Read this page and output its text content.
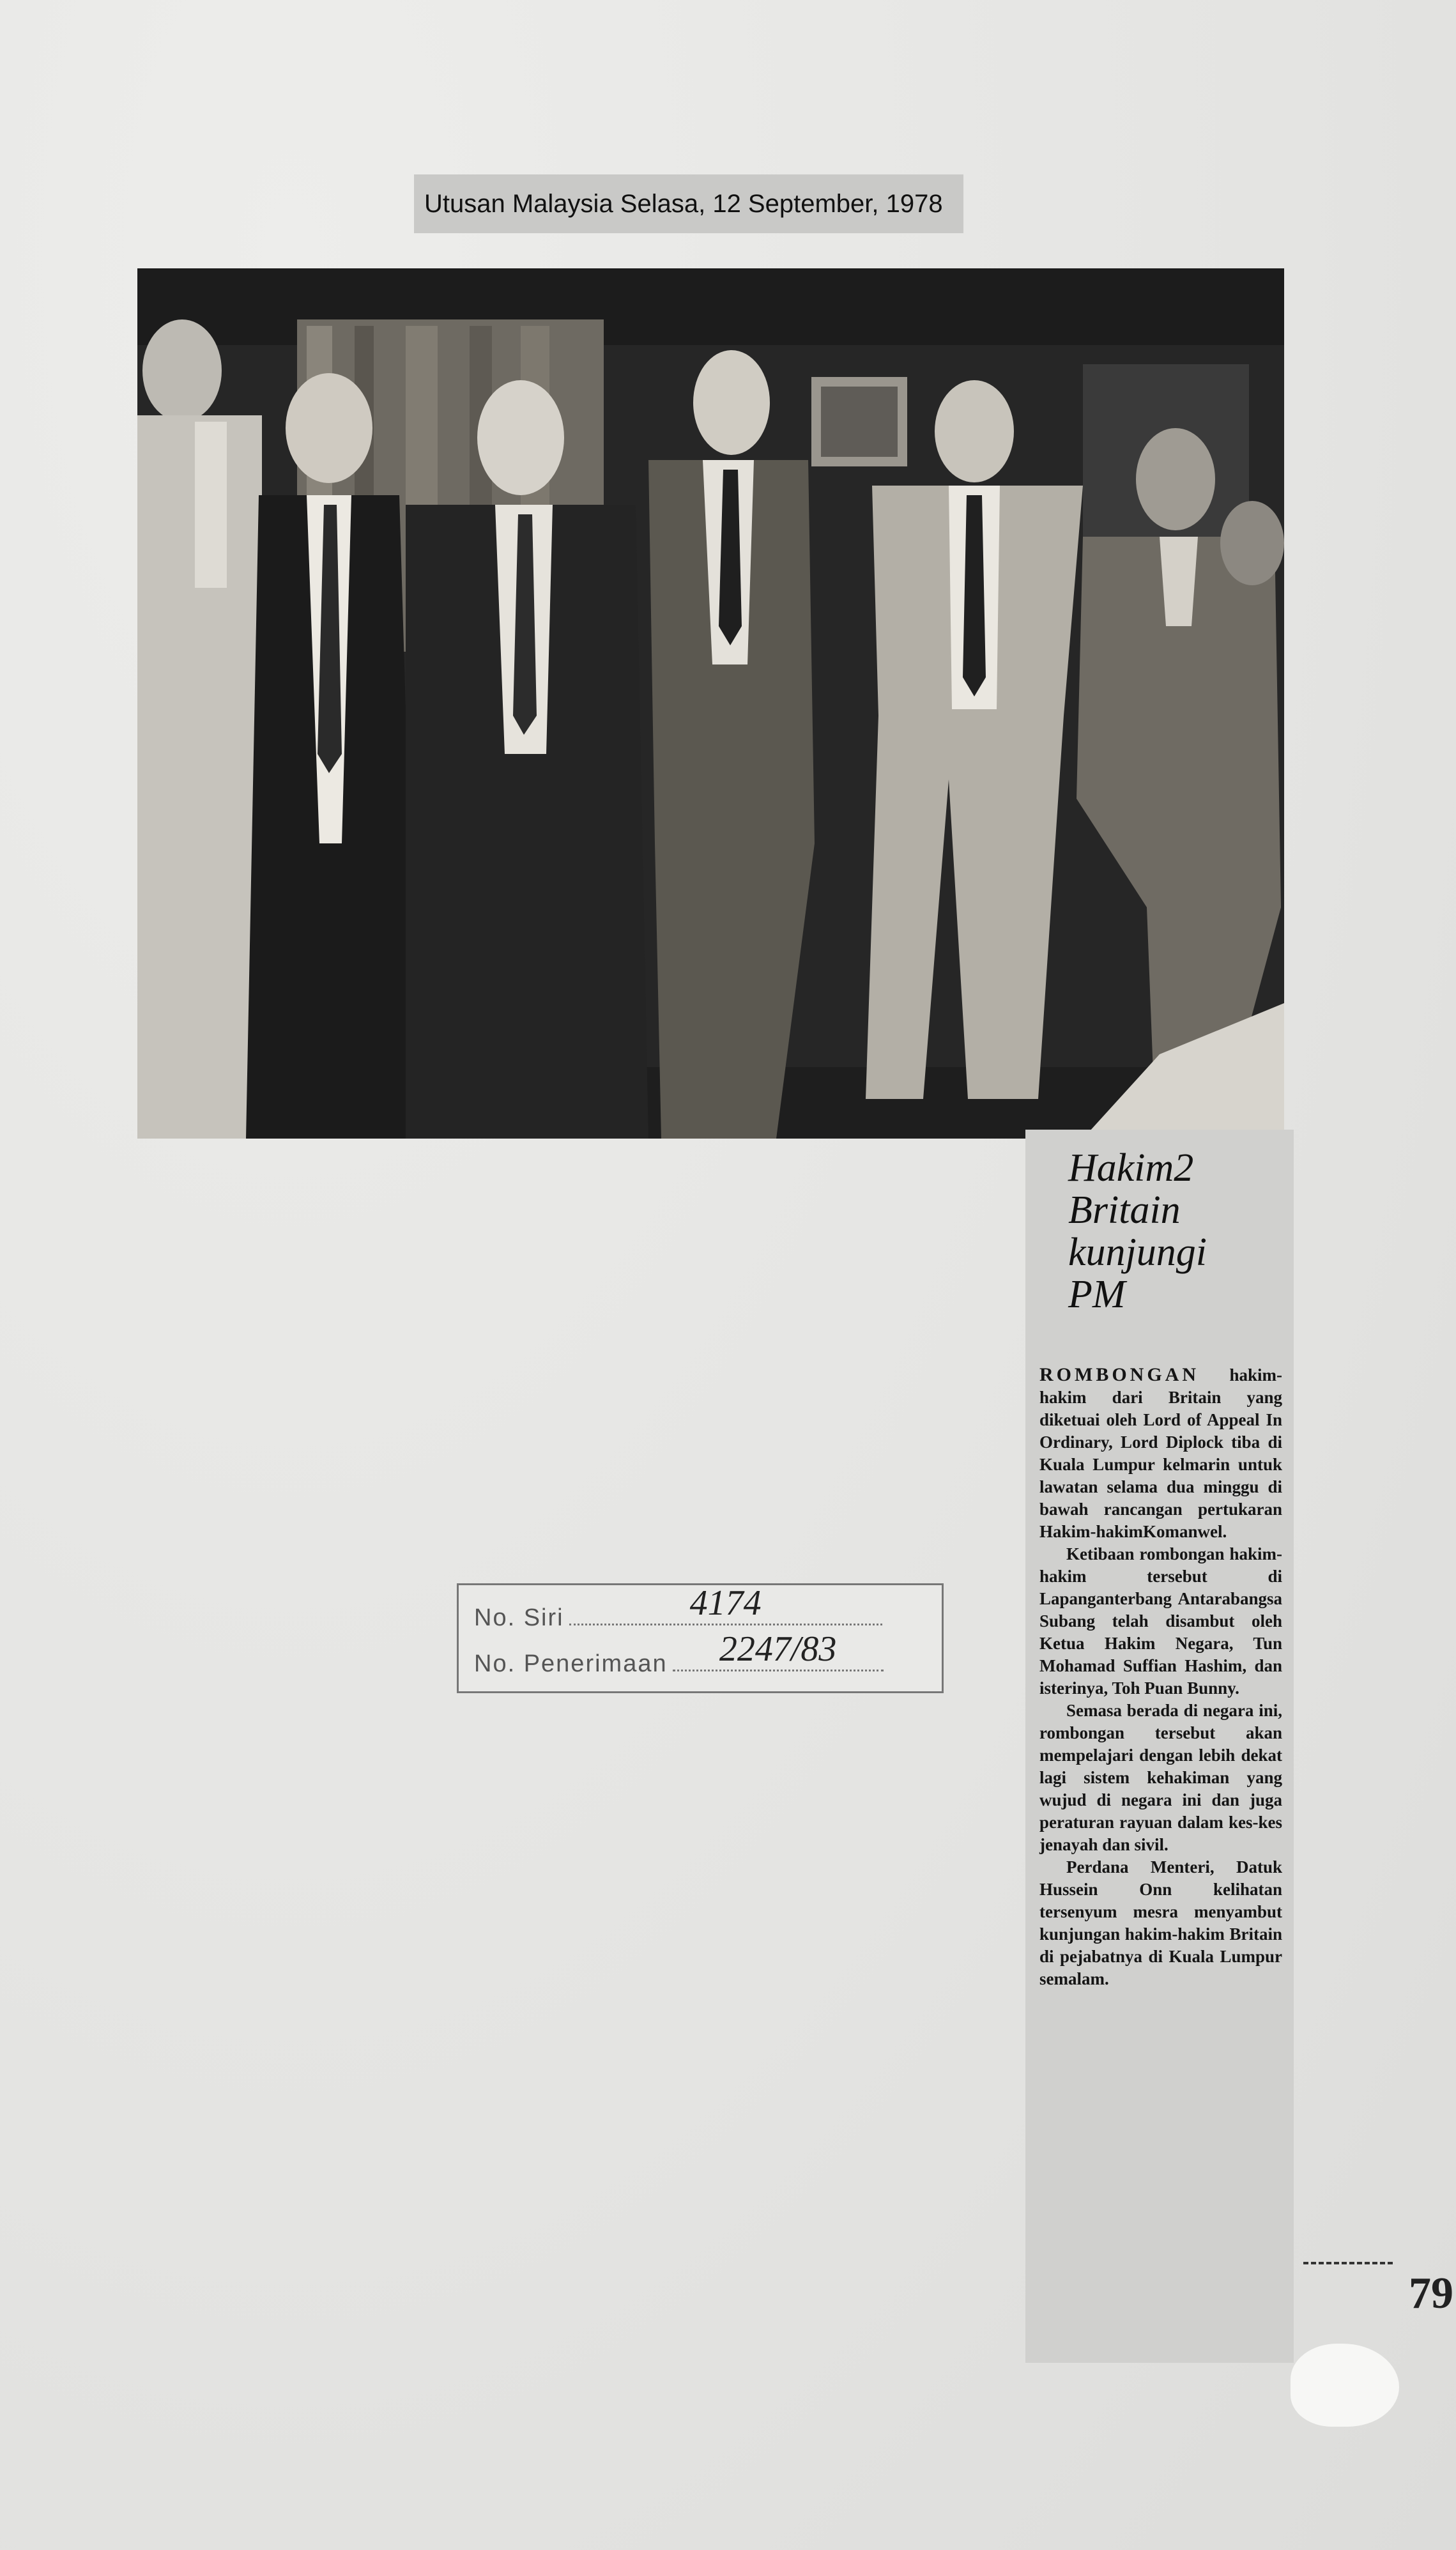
Utusan Malaysia Selasa, 12 September, 1978
Hakim2
Britain
kunjungi
PM

ROMBONGAN hakim-hakim dari Britain yang diketuai oleh Lord of Appeal In Ordinary, Lord Diplock tiba di Kuala Lumpur kelmarin untuk lawatan selama dua minggu di bawah rancangan pertukaran Hakim-hakimKomanwel.

Ketibaan rombongan hakim-hakim tersebut di Lapanganterbang Antarabangsa Subang telah disambut oleh Ketua Hakim Negara, Tun Mohamad Suffian Hashim, dan isterinya, Toh Puan Bunny.

Semasa berada di negara ini, rombongan tersebut akan mempelajari dengan lebih dekat lagi sistem kehakiman yang wujud di negara ini dan juga peraturan rayuan dalam kes-kes jenayah dan sivil.

Perdana Menteri, Datuk Hussein Onn kelihatan tersenyum mesra menyambut kunjungan hakim-hakim Britain di pejabatnya di Kuala Lumpur semalam.

No. Siri	4174
No. Penerimaan	2247/83
79
